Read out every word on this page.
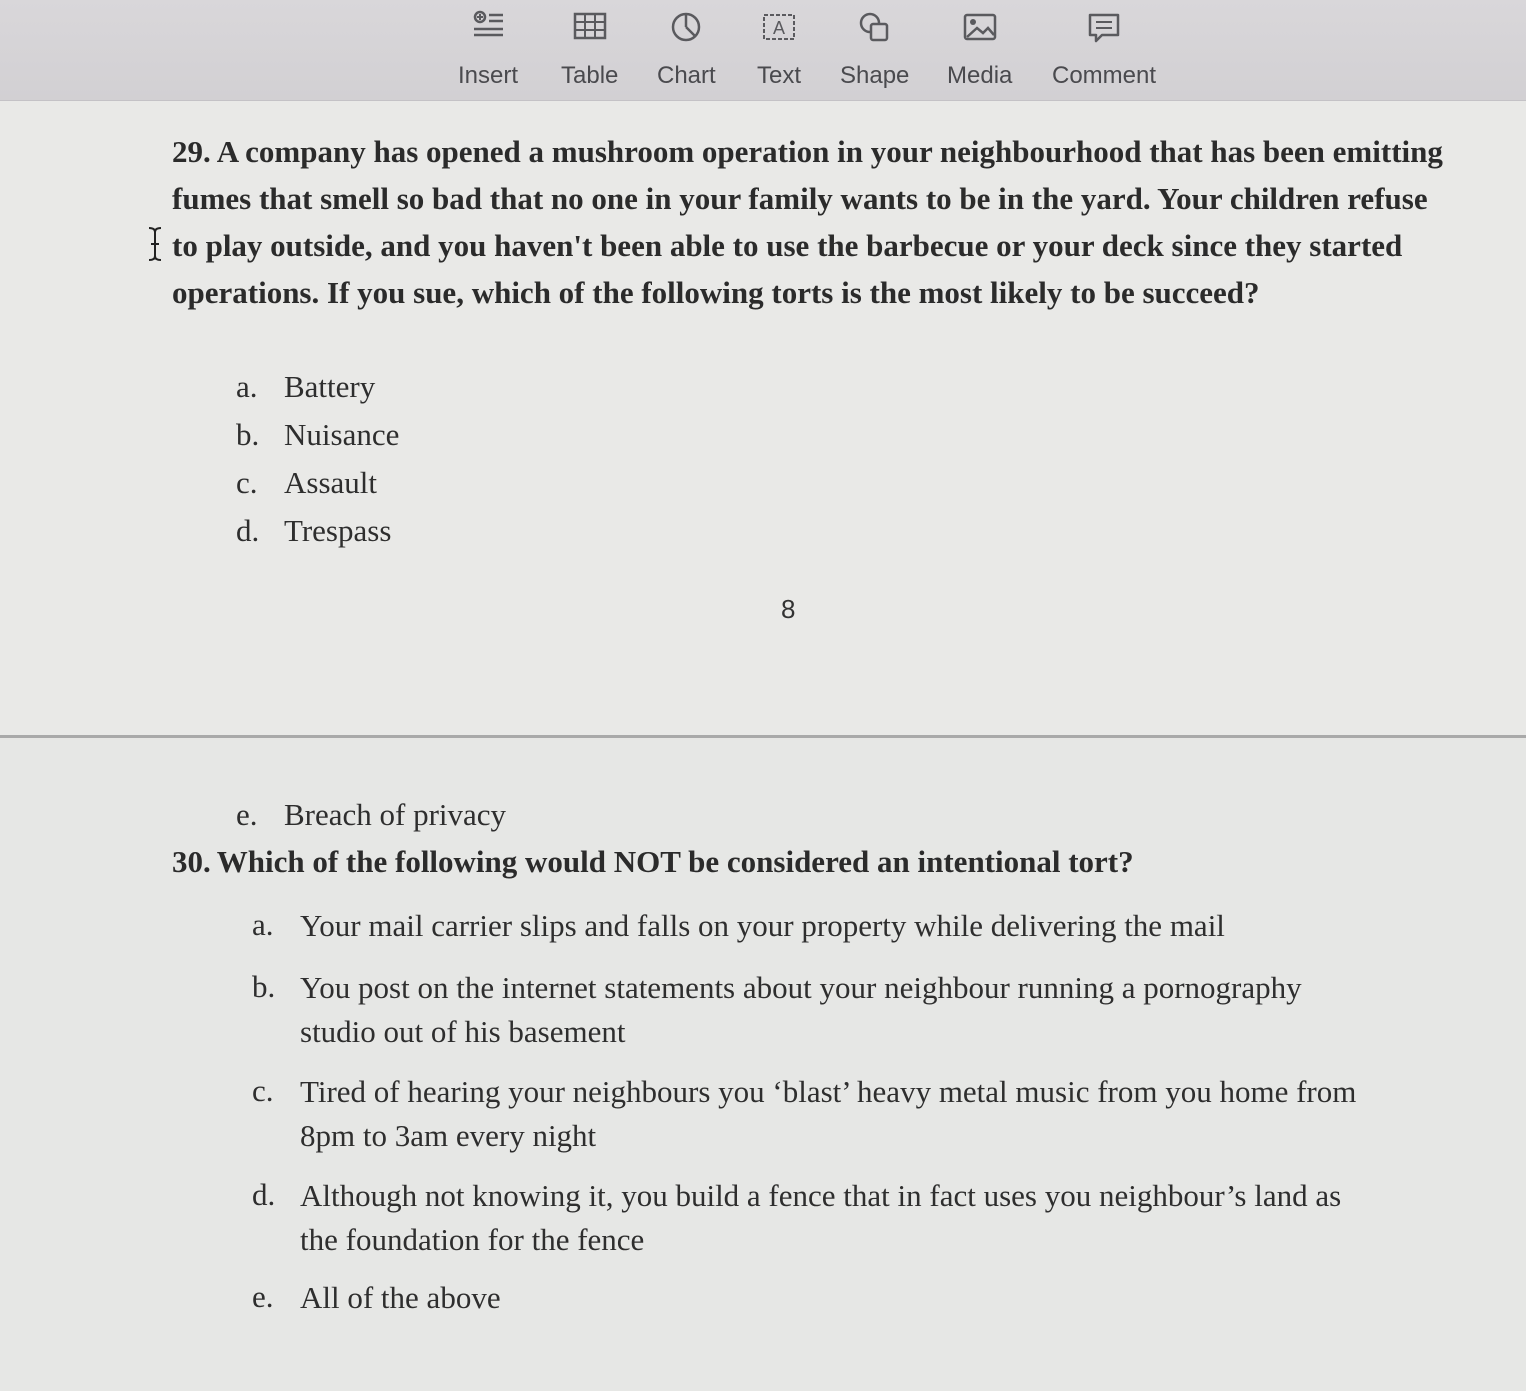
Insert Table Chart
A
Text Shape Media Comment
29. A company has opened a mushroom operation in your neighbourhood that has been emitting fumes that smell so bad that no one in your family wants to be in the yard. Your children refuse to play outside, and you haven't been able to use the barbecue or your deck since they started operations. If you sue, which of the following torts is the most likely to be succeed?
a. Battery
b. Nuisance
c. Assault
d. Trespass
8
e. Breach of privacy
30. Which of the following would NOT be considered an intentional tort?
a. Your mail carrier slips and falls on your property while delivering the mail
b. You post on the internet statements about your neighbour running a pornography studio out of his basement
c. Tired of hearing your neighbours you ‘blast’ heavy metal music from you home from 8pm to 3am every night
d. Although not knowing it, you build a fence that in fact uses you neighbour’s land as the foundation for the fence
e. All of the above
